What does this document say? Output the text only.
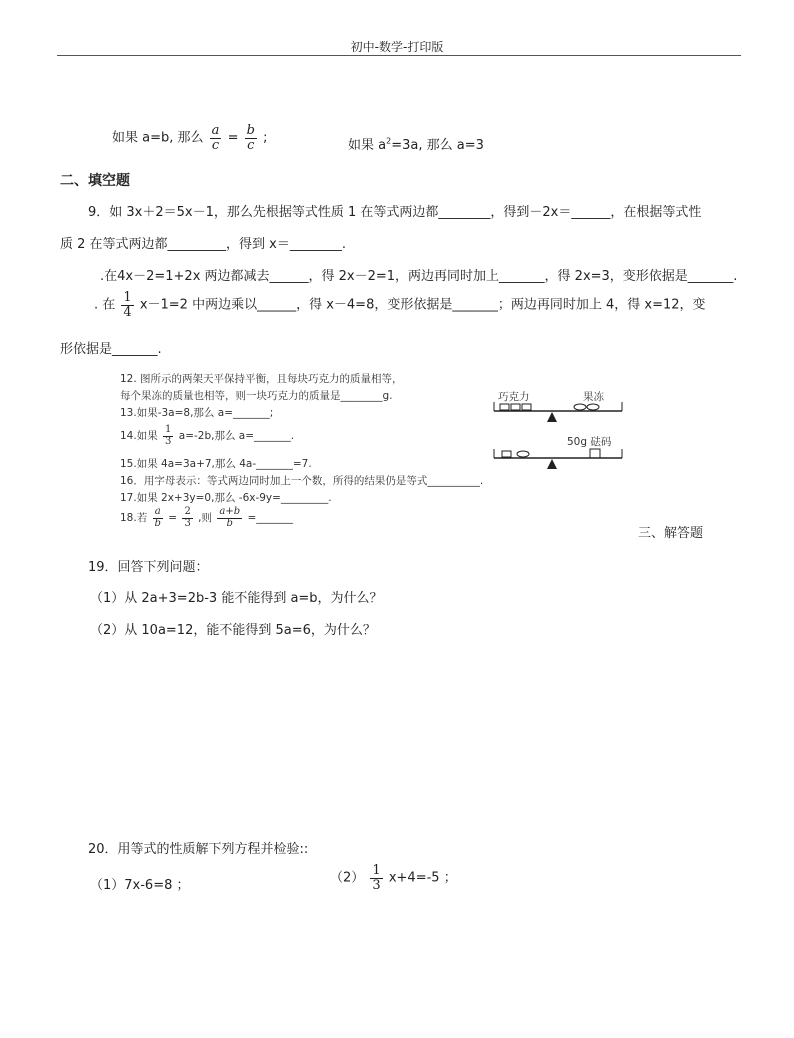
初中-数学-打印版
如果 a=b, 那么 $\frac{a}{c} = \frac{b}{c}$ ;	如果 $a^2=3a$, 那么 a=3
二、填空题
9．如 3x＋2＝5x－1，那么先根据等式性质 1 在等式两边都________，得到－2x＝______，在根据等式性
质 2 在等式两边都_________，得到 x＝________.
.在4x－2=1+2x 两边都减去______，得 2x－2=1，两边再同时加上_______，得 2x=3，变形依据是_______.
. 在 $\frac{1}{4} x-1=2$ 中两边乘以______，得 x－4=8，变形依据是_______；两边再同时加上 4，得 x=12，变
形依据是_______.
12. 图所示的两架天平保持平衡，且每块巧克力的质量相等，
每个果冻的质量也相等，则一块巧克力的质量是________g.
13.如果-3a=8,那么 a=_______;
14.如果 $\frac{1}{3} a=-2b$,那么 a=_______.
15.如果 4a=3a+7,那么 4a-_______=7.
16．用字母表示：等式两边同时加上一个数，所得的结果仍是等式__________.
17.如果 2x+3y=0,那么 -6x-9y=_________.
18.若 $\frac{a}{b} = \frac{2}{3}$ ,则 $\frac{a+b}{b}$ =_______
巧克力	果冻
50g 砝码
三、解答题
19．回答下列问题：
（1）从 2a+3=2b-3 能不能得到 a=b，为什么？
（2）从 10a=12，能不能得到 5a=6，为什么？
20．用等式的性质解下列方程并检验::
（1）7x-6=8 ；	$(2) \frac{1}{3} x+4=-5$ ；
